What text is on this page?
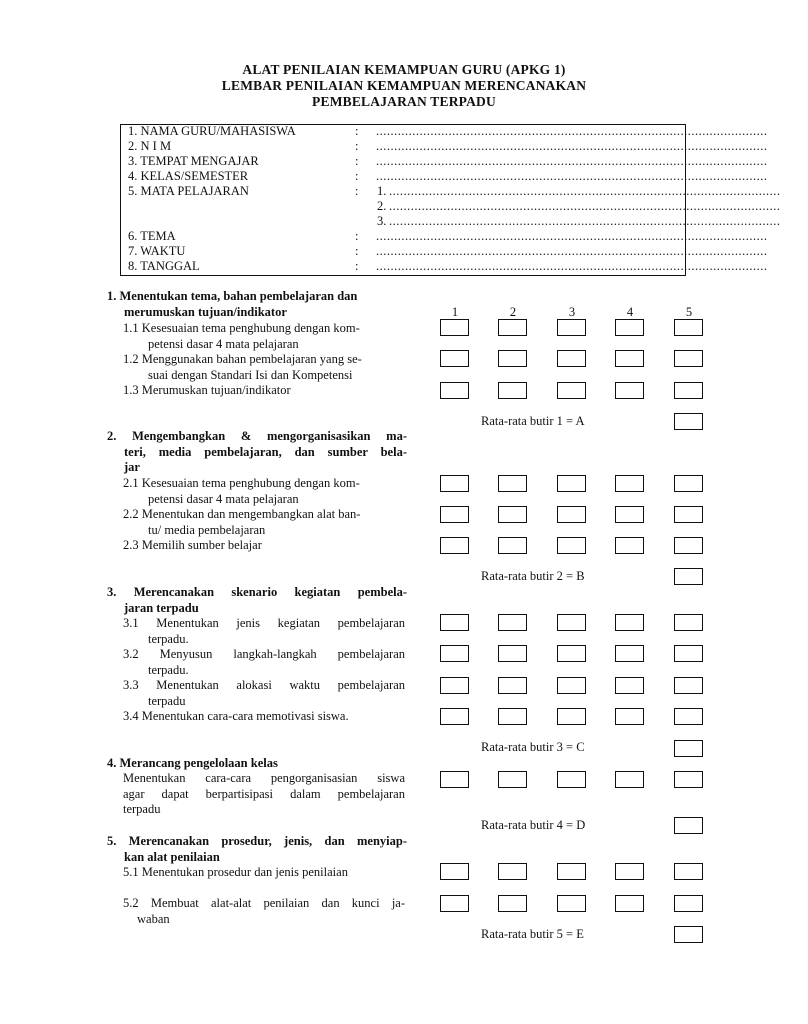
ALAT PENILAIAN KEMAMPUAN GURU (APKG 1)
LEMBAR PENILAIAN KEMAMPUAN MERENCANAKAN
PEMBELAJARAN TERPADU
1. NAMA GURU/MAHASISWA	: ............................................................................................................
2. N I M	: ............................................................................................................
3. TEMPAT MENGAJAR	: ............................................................................................................
4. KELAS/SEMESTER	: ............................................................................................................
5. MATA PELAJARAN	: 1. ............................................................................................................
2. ............................................................................................................
3. ............................................................................................................
6. TEMA	: ............................................................................................................
7. WAKTU	: ............................................................................................................
8. TANGGAL	: ............................................................................................................
1	2	3	4	5
1. Menentukan tema, bahan pembelajaran dan
merumuskan tujuan/indikator
1.1 Kesesuaian tema penghubung dengan kom-
petensi dasar 4 mata pelajaran
1.2 Menggunakan bahan pembelajaran yang se-
suai dengan Standari Isi dan Kompetensi
1.3 Merumuskan tujuan/indikator
Rata-rata butir 1 = A
2. Mengembangkan & mengorganisasikan ma-
teri, media pembelajaran, dan sumber bela-
jar
2.1 Kesesuaian tema penghubung dengan kom-
petensi dasar 4 mata pelajaran
2.2 Menentukan dan mengembangkan alat ban-
tu/ media pembelajaran
2.3 Memilih sumber belajar
Rata-rata butir 2 = B
3. Merencanakan skenario kegiatan pembela-
jaran terpadu
3.1 Menentukan jenis kegiatan pembelajaran
terpadu.
3.2 Menyusun langkah-langkah pembelajaran
terpadu.
3.3 Menentukan alokasi waktu pembelajaran
terpadu
3.4 Menentukan cara-cara memotivasi siswa.
Rata-rata butir 3 = C
4. Merancang pengelolaan kelas
Menentukan cara-cara pengorganisasian siswa
agar dapat berpartisipasi dalam pembelajaran
terpadu
Rata-rata butir 4 = D
5. Merencanakan prosedur, jenis, dan menyiap-
kan alat penilaian
5.1 Menentukan prosedur dan jenis penilaian
5.2 Membuat alat-alat penilaian dan kunci ja-
waban
Rata-rata butir 5 = E
